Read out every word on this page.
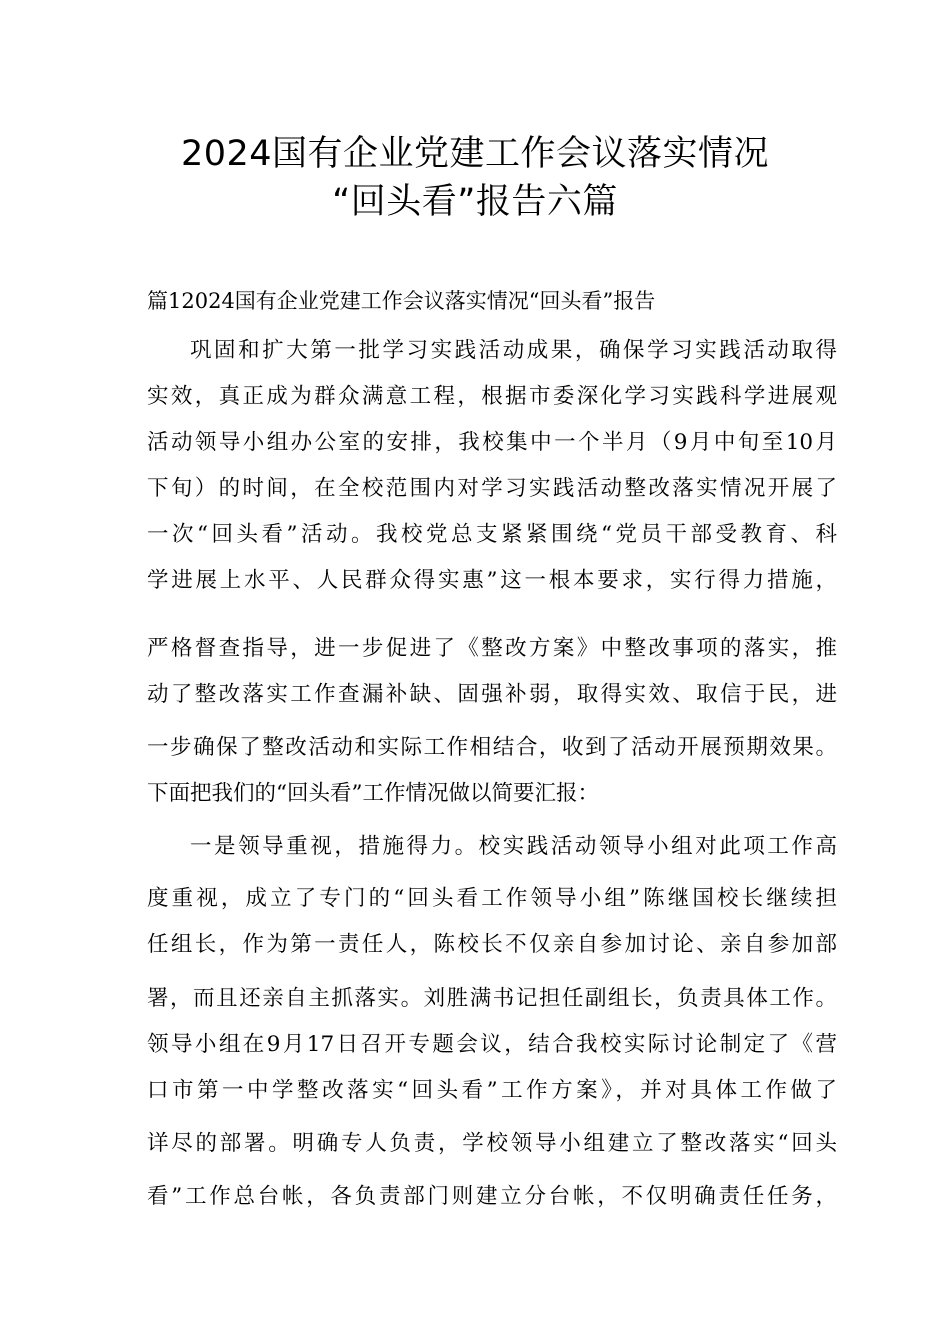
2024国有企业党建工作会议落实情况
“回头看”报告六篇

篇12024国有企业党建工作会议落实情况“回头看”报告

巩固和扩大第一批学习实践活动成果，确保学习实践活动取得
实效，真正成为群众满意工程，根据市委深化学习实践科学进展观
活动领导小组办公室的安排，我校集中一个半月（9月中旬至10月
下旬）的时间，在全校范围内对学习实践活动整改落实情况开展了
一次“回头看”活动。我校党总支紧紧围绕“党员干部受教育、科
学进展上水平、人民群众得实惠”这一根本要求，实行得力措施，
严格督查指导，进一步促进了《整改方案》中整改事项的落实，推
动了整改落实工作查漏补缺、固强补弱，取得实效、取信于民，进
一步确保了整改活动和实际工作相结合，收到了活动开展预期效果。
下面把我们的“回头看”工作情况做以简要汇报：
一是领导重视，措施得力。校实践活动领导小组对此项工作高
度重视，成立了专门的“回头看工作领导小组”陈继国校长继续担
任组长，作为第一责任人，陈校长不仅亲自参加讨论、亲自参加部
署，而且还亲自主抓落实。刘胜满书记担任副组长，负责具体工作。
领导小组在9月17日召开专题会议，结合我校实际讨论制定了《营
口市第一中学整改落实“回头看”工作方案》，并对具体工作做了
详尽的部署。明确专人负责，学校领导小组建立了整改落实“回头
看”工作总台帐，各负责部门则建立分台帐，不仅明确责任任务，
